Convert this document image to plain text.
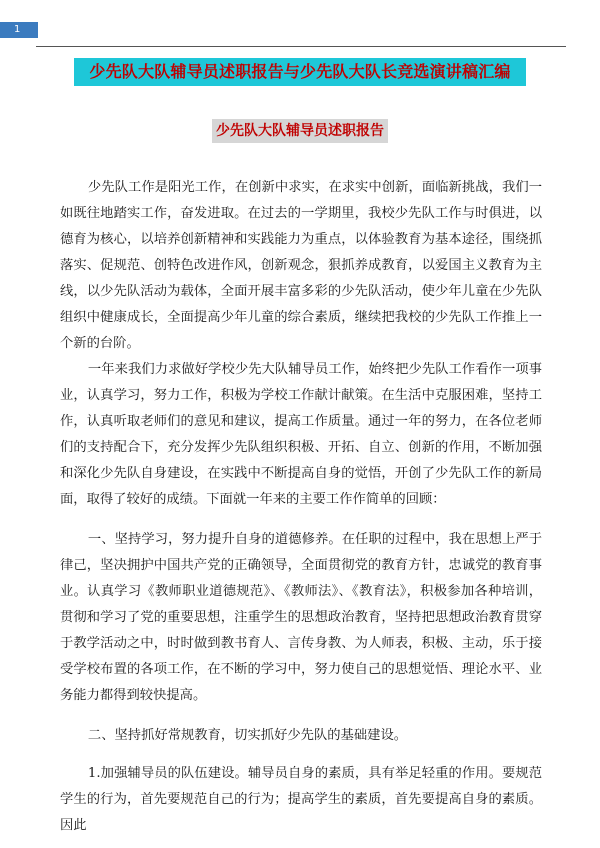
1
少先队大队辅导员述职报告与少先队大队长竞选演讲稿汇编
少先队大队辅导员述职报告

少先队工作是阳光工作，在创新中求实，在求实中创新，面临新挑战，我们一如既往地踏实工作，奋发进取。在过去的一学期里，我校少先队工作与时俱进，以德育为核心，以培养创新精神和实践能力为重点，以体验教育为基本途径，围绕抓落实、促规范、创特色改进作风，创新观念，狠抓养成教育，以爱国主义教育为主线，以少先队活动为载体，全面开展丰富多彩的少先队活动，使少年儿童在少先队组织中健康成长，全面提高少年儿童的综合素质，继续把我校的少先队工作推上一个新的台阶。

一年来我们力求做好学校少先大队辅导员工作，始终把少先队工作看作一项事业，认真学习，努力工作，积极为学校工作献计献策。在生活中克服困难，坚持工作，认真听取老师们的意见和建议，提高工作质量。通过一年的努力，在各位老师们的支持配合下，充分发挥少先队组织积极、开拓、自立、创新的作用，不断加强和深化少先队自身建设，在实践中不断提高自身的觉悟，开创了少先队工作的新局面，取得了较好的成绩。下面就一年来的主要工作作简单的回顾：

一、坚持学习，努力提升自身的道德修养。在任职的过程中，我在思想上严于律己，坚决拥护中国共产党的正确领导，全面贯彻党的教育方针，忠诚党的教育事业。认真学习《教师职业道德规范》、《教师法》、《教育法》，积极参加各种培训，贯彻和学习了党的重要思想，注重学生的思想政治教育，坚持把思想政治教育贯穿于教学活动之中，时时做到教书育人、言传身教、为人师表，积极、主动，乐于接受学校布置的各项工作，在不断的学习中，努力使自己的思想觉悟、理论水平、业务能力都得到较快提高。

二、坚持抓好常规教育，切实抓好少先队的基础建设。

1.加强辅导员的队伍建设。辅导员自身的素质，具有举足轻重的作用。要规范学生的行为，首先要规范自己的行为；提高学生的素质，首先要提高自身的素质。因此
